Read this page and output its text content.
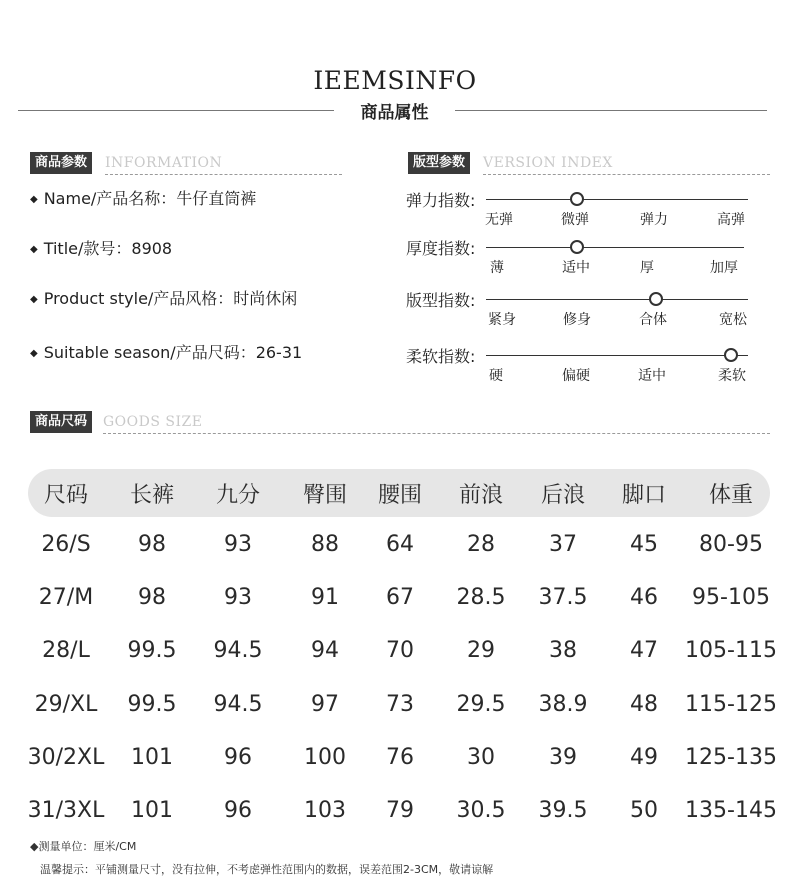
IEEMSINFO
商品属性
商品参数	INFORMATION
◆ Name/产品名称：牛仔直筒裤
◆ Title/款号：8908
◆ Product style/产品风格：时尚休闲
◆ Suitable season/产品尺码：26-31
版型参数	VERSION INDEX
弹力指数:
无弹	微弹	弹力	高弹
厚度指数:
薄	适中	厚	加厚
版型指数:
紧身	修身	合体	宽松
柔软指数:
硬	偏硬	适中	柔软
商品尺码	GOODS SIZE
尺码	长裤	九分	臀围	腰围	前浪	后浪	脚口	体重
26/S	98	93	88	64	28	37	45	80-95
27/M	98	93	91	67	28.5	37.5	46	95-105
28/L	99.5	94.5	94	70	29	38	47	105-115
29/XL	99.5	94.5	97	73	29.5	38.9	48	115-125
30/2XL	101	96	100	76	30	39	49	125-135
31/3XL	101	96	103	79	30.5	39.5	50	135-145
◆测量单位：厘米/CM
温馨提示：平铺测量尺寸，没有拉伸，不考虑弹性范围内的数据，误差范围2-3CM，敬请谅解
